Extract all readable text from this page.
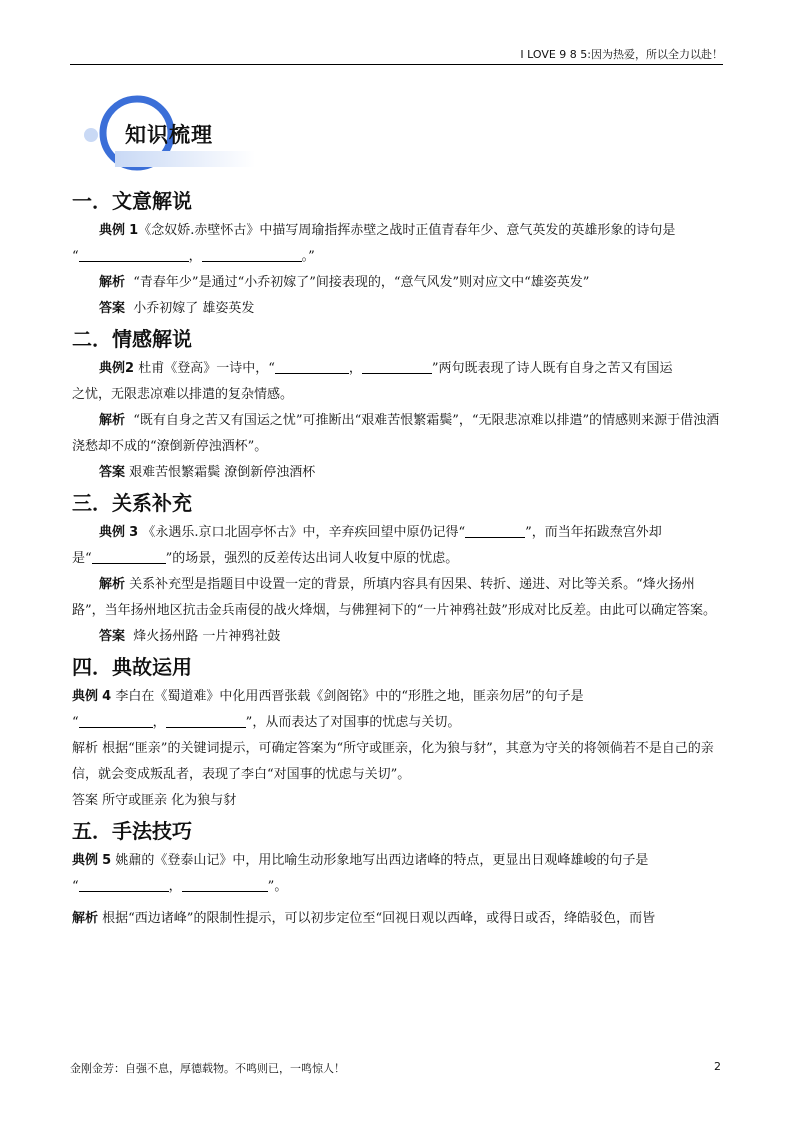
I LOVE 9 8 5:因为热爱，所以全力以赴！
知识梳理
一．文意解说

典例 1《念奴娇.赤壁怀古》中描写周瑜指挥赤壁之战时正值青春年少、意气英发的英雄形象的诗句是

“	，	。”

解析 “青春年少”是通过“小乔初嫁了”间接表现的，“意气风发”则对应文中“雄姿英发”

答案 小乔初嫁了 雄姿英发

二．情感解说

典例2 杜甫《登高》一诗中，“	，	”两句既表现了诗人既有自身之苦又有国运

之忧，无限悲凉难以排遣的复杂情感。

解析 “既有自身之苦又有国运之忧”可推断出“艰难苦恨繁霜鬓”，“无限悲凉难以排遣”的情感则来源于借浊酒浇愁却不成的“潦倒新停浊酒杯”。

答案 艰难苦恨繁霜鬓 潦倒新停浊酒杯

三．关系补充

典例 3 《永遇乐.京口北固亭怀古》中，辛弃疾回望中原仍记得“	”，而当年拓跋焘宫外却

是“	”的场景，强烈的反差传达出词人收复中原的忧虑。

解析 关系补充型是指题目中设置一定的背景，所填内容具有因果、转折、递进、对比等关系。“烽火扬州路”，当年扬州地区抗击金兵南侵的战火烽烟，与佛狸祠下的“一片神鸦社鼓”形成对比反差。由此可以确定答案。

答案 烽火扬州路 一片神鸦社鼓

四．典故运用

典例 4 李白在《蜀道难》中化用西晋张载《剑阁铭》中的“形胜之地，匪亲勿居”的句子是

“	，	”，从而表达了对国事的忧虑与关切。

解析 根据“匪亲”的关键词提示，可确定答案为“所守或匪亲，化为狼与豺”，其意为守关的将领倘若不是自己的亲信，就会变成叛乱者，表现了李白“对国事的忧虑与关切”。

答案 所守或匪亲 化为狼与豺

五．手法技巧

典例 5 姚鼐的《登泰山记》中，用比喻生动形象地写出西边诸峰的特点，更显出日观峰雄峻的句子是

“	，	”。

解析 根据“西边诸峰”的限制性提示，可以初步定位至“回视日观以西峰，或得日或否，绛皓驳色，而皆

金刚金芳：自强不息，厚德载物。不鸣则已，一鸣惊人！	2
